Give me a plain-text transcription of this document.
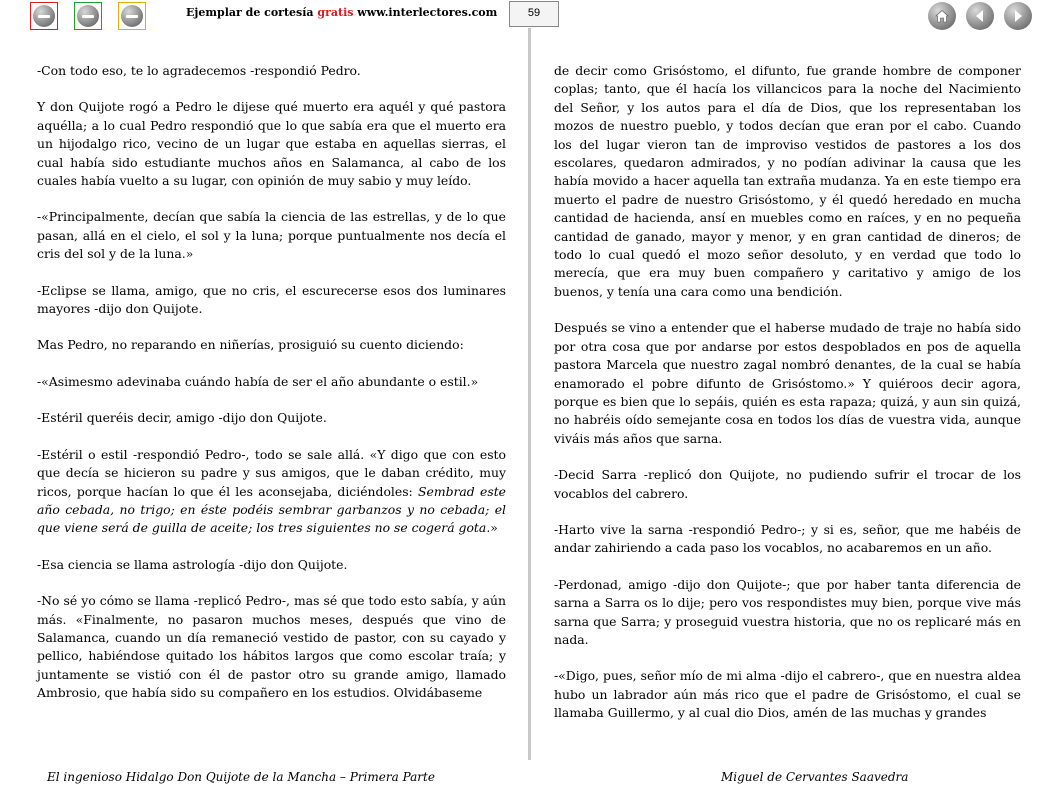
Ejemplar de cortesía gratis www.interlectores.com	59

-Con todo eso, te lo agradecemos -respondió Pedro.

Y don Quijote rogó a Pedro le dijese qué muerto era aquél y qué pastora aquélla; a lo cual Pedro respondió que lo que sabía era que el muerto era un hijodalgo rico, vecino de un lugar que estaba en aquellas sierras, el cual había sido estudiante muchos años en Salamanca, al cabo de los cuales había vuelto a su lugar, con opinión de muy sabio y muy leído.

-«Principalmente, decían que sabía la ciencia de las estrellas, y de lo que pasan, allá en el cielo, el sol y la luna; porque puntualmente nos decía el cris del sol y de la luna.»

-Eclipse se llama, amigo, que no cris, el escurecerse esos dos luminares mayores -dijo don Quijote.

Mas Pedro, no reparando en niñerías, prosiguió su cuento diciendo:

-«Asimesmo adevinaba cuándo había de ser el año abundante o estil.»

-Estéril queréis decir, amigo -dijo don Quijote.

-Estéril o estil -respondió Pedro-, todo se sale allá. «Y digo que con esto que decía se hicieron su padre y sus amigos, que le daban crédito, muy ricos, porque hacían lo que él les aconsejaba, diciéndoles: Sembrad este año cebada, no trigo; en éste podéis sembrar garbanzos y no cebada; el que viene será de guilla de aceite; los tres siguientes no se cogerá gota.»

-Esa ciencia se llama astrología -dijo don Quijote.

-No sé yo cómo se llama -replicó Pedro-, mas sé que todo esto sabía, y aún más. «Finalmente, no pasaron muchos meses, después que vino de Salamanca, cuando un día remaneció vestido de pastor, con su cayado y pellico, habiéndose quitado los hábitos largos que como escolar traía; y juntamente se vistió con él de pastor otro su grande amigo, llamado Ambrosio, que había sido su compañero en los estudios. Olvidábaseme

de decir como Grisóstomo, el difunto, fue grande hombre de componer coplas; tanto, que él hacía los villancicos para la noche del Nacimiento del Señor, y los autos para el día de Dios, que los representaban los mozos de nuestro pueblo, y todos decían que eran por el cabo. Cuando los del lugar vieron tan de improviso vestidos de pastores a los dos escolares, quedaron admirados, y no podían adivinar la causa que les había movido a hacer aquella tan extraña mudanza. Ya en este tiempo era muerto el padre de nuestro Grisóstomo, y él quedó heredado en mucha cantidad de hacienda, ansí en muebles como en raíces, y en no pequeña cantidad de ganado, mayor y menor, y en gran cantidad de dineros; de todo lo cual quedó el mozo señor desoluto, y en verdad que todo lo merecía, que era muy buen compañero y caritativo y amigo de los buenos, y tenía una cara como una bendición.

Después se vino a entender que el haberse mudado de traje no había sido por otra cosa que por andarse por estos despoblados en pos de aquella pastora Marcela que nuestro zagal nombró denantes, de la cual se había enamorado el pobre difunto de Grisóstomo.» Y quiéroos decir agora, porque es bien que lo sepáis, quién es esta rapaza; quizá, y aun sin quizá, no habréis oído semejante cosa en todos los días de vuestra vida, aunque viváis más años que sarna.

-Decid Sarra -replicó don Quijote, no pudiendo sufrir el trocar de los vocablos del cabrero.

-Harto vive la sarna -respondió Pedro-; y si es, señor, que me habéis de andar zahiriendo a cada paso los vocablos, no acabaremos en un año.

-Perdonad, amigo -dijo don Quijote-; que por haber tanta diferencia de sarna a Sarra os lo dije; pero vos respondistes muy bien, porque vive más sarna que Sarra; y proseguid vuestra historia, que no os replicaré más en nada.

-«Digo, pues, señor mío de mi alma -dijo el cabrero-, que en nuestra aldea hubo un labrador aún más rico que el padre de Grisóstomo, el cual se llamaba Guillermo, y al cual dio Dios, amén de las muchas y grandes

El ingenioso Hidalgo Don Quijote de la Mancha – Primera Parte	Miguel de Cervantes Saavedra
